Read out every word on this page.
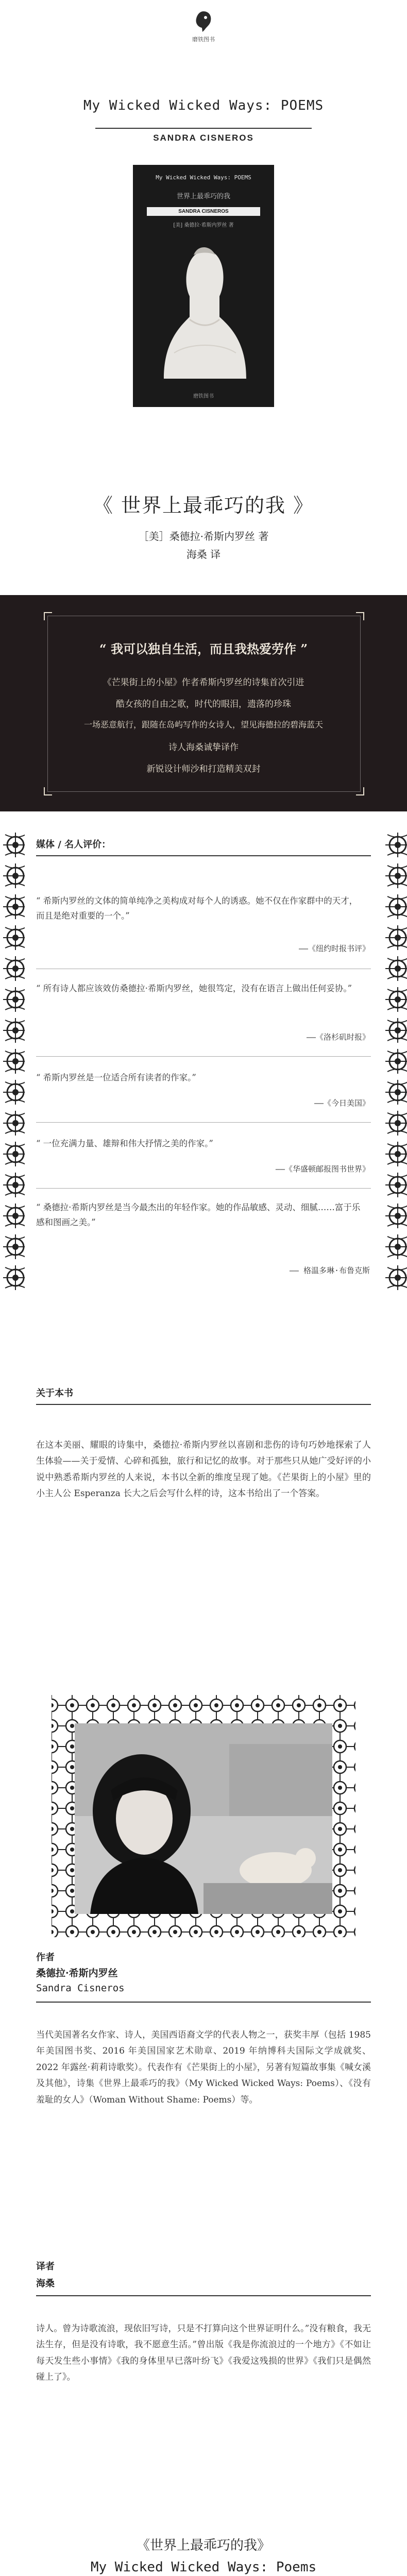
磨铁图书
My Wicked Wicked Ways: POEMS
SANDRA CISNEROS
My Wicked Wicked Ways: POEMS
世界上最乖巧的我
SANDRA CISNEROS
[美] 桑德拉·希斯内罗丝 著
磨铁图书
《 世界上最乖巧的我 》
［美］桑德拉·希斯内罗丝 著
海桑 译
“ 我可以独自生活，而且我热爱劳作 ”
《芒果街上的小屋》作者希斯内罗丝的诗集首次引进
酷女孩的自由之歌，时代的眼泪，遗落的珍珠
一场恶意航行，跟随在岛屿写作的女诗人，望见海德拉的碧海蓝天
诗人海桑诚挚译作
新锐设计师沙和打造精美双封
媒体 / 名人评价：
“ 希斯内罗丝的文体的简单纯净之美构成对每个人的诱惑。她不仅在作家群中的天才，而且是绝对重要的一个。”
——《纽约时报书评》
“ 所有诗人都应该效仿桑德拉·希斯内罗丝，她很笃定，没有在语言上做出任何妥协。”
——《洛杉矶时报》
“ 希斯内罗丝是一位适合所有读者的作家。”
——《今日美国》
“ 一位充满力量、雄辩和伟大抒情之美的作家。”
——《华盛顿邮报图书世界》
“ 桑德拉·希斯内罗丝是当今最杰出的年轻作家。她的作品敏感、灵动、细腻……富于乐感和图画之美。”
—— 格温多琳·布鲁克斯
关于本书
在这本美丽、耀眼的诗集中，桑德拉·希斯内罗丝以喜剧和悲伤的诗句巧妙地探索了人生体验——关于爱情、心碎和孤独，旅行和记忆的故事。对于那些只从她广受好评的小说中熟悉希斯内罗丝的人来说，本书以全新的维度呈现了她。《芒果街上的小屋》里的小主人公 Esperanza 长大之后会写什么样的诗，这本书给出了一个答案。
作者
桑德拉·希斯内罗丝
Sandra Cisneros
当代美国著名女作家、诗人，美国西语裔文学的代表人物之一，获奖丰厚（包括 1985 年美国图书奖、2016 年美国国家艺术勋章、2019 年纳博科夫国际文学成就奖、2022 年露丝·莉莉诗歌奖）。代表作有《芒果街上的小屋》，另著有短篇故事集《喊女溪及其他》，诗集《世界上最乖巧的我》（My Wicked Wicked Ways: Poems）、《没有羞耻的女人》（Woman Without Shame: Poems）等。
译者
海桑
诗人。曾为诗歌流浪，现依旧写诗，只是不打算向这个世界证明什么。”没有粮食，我无法生存，但是没有诗歌，我不愿意生活。”曾出版《我是你流浪过的一个地方》《不如让每天发生些小事情》《我的身体里早已落叶纷飞》《我爱这残损的世界》《我们只是偶然碰上了》。
《世界上最乖巧的我》
My Wicked Wicked Ways: Poems
